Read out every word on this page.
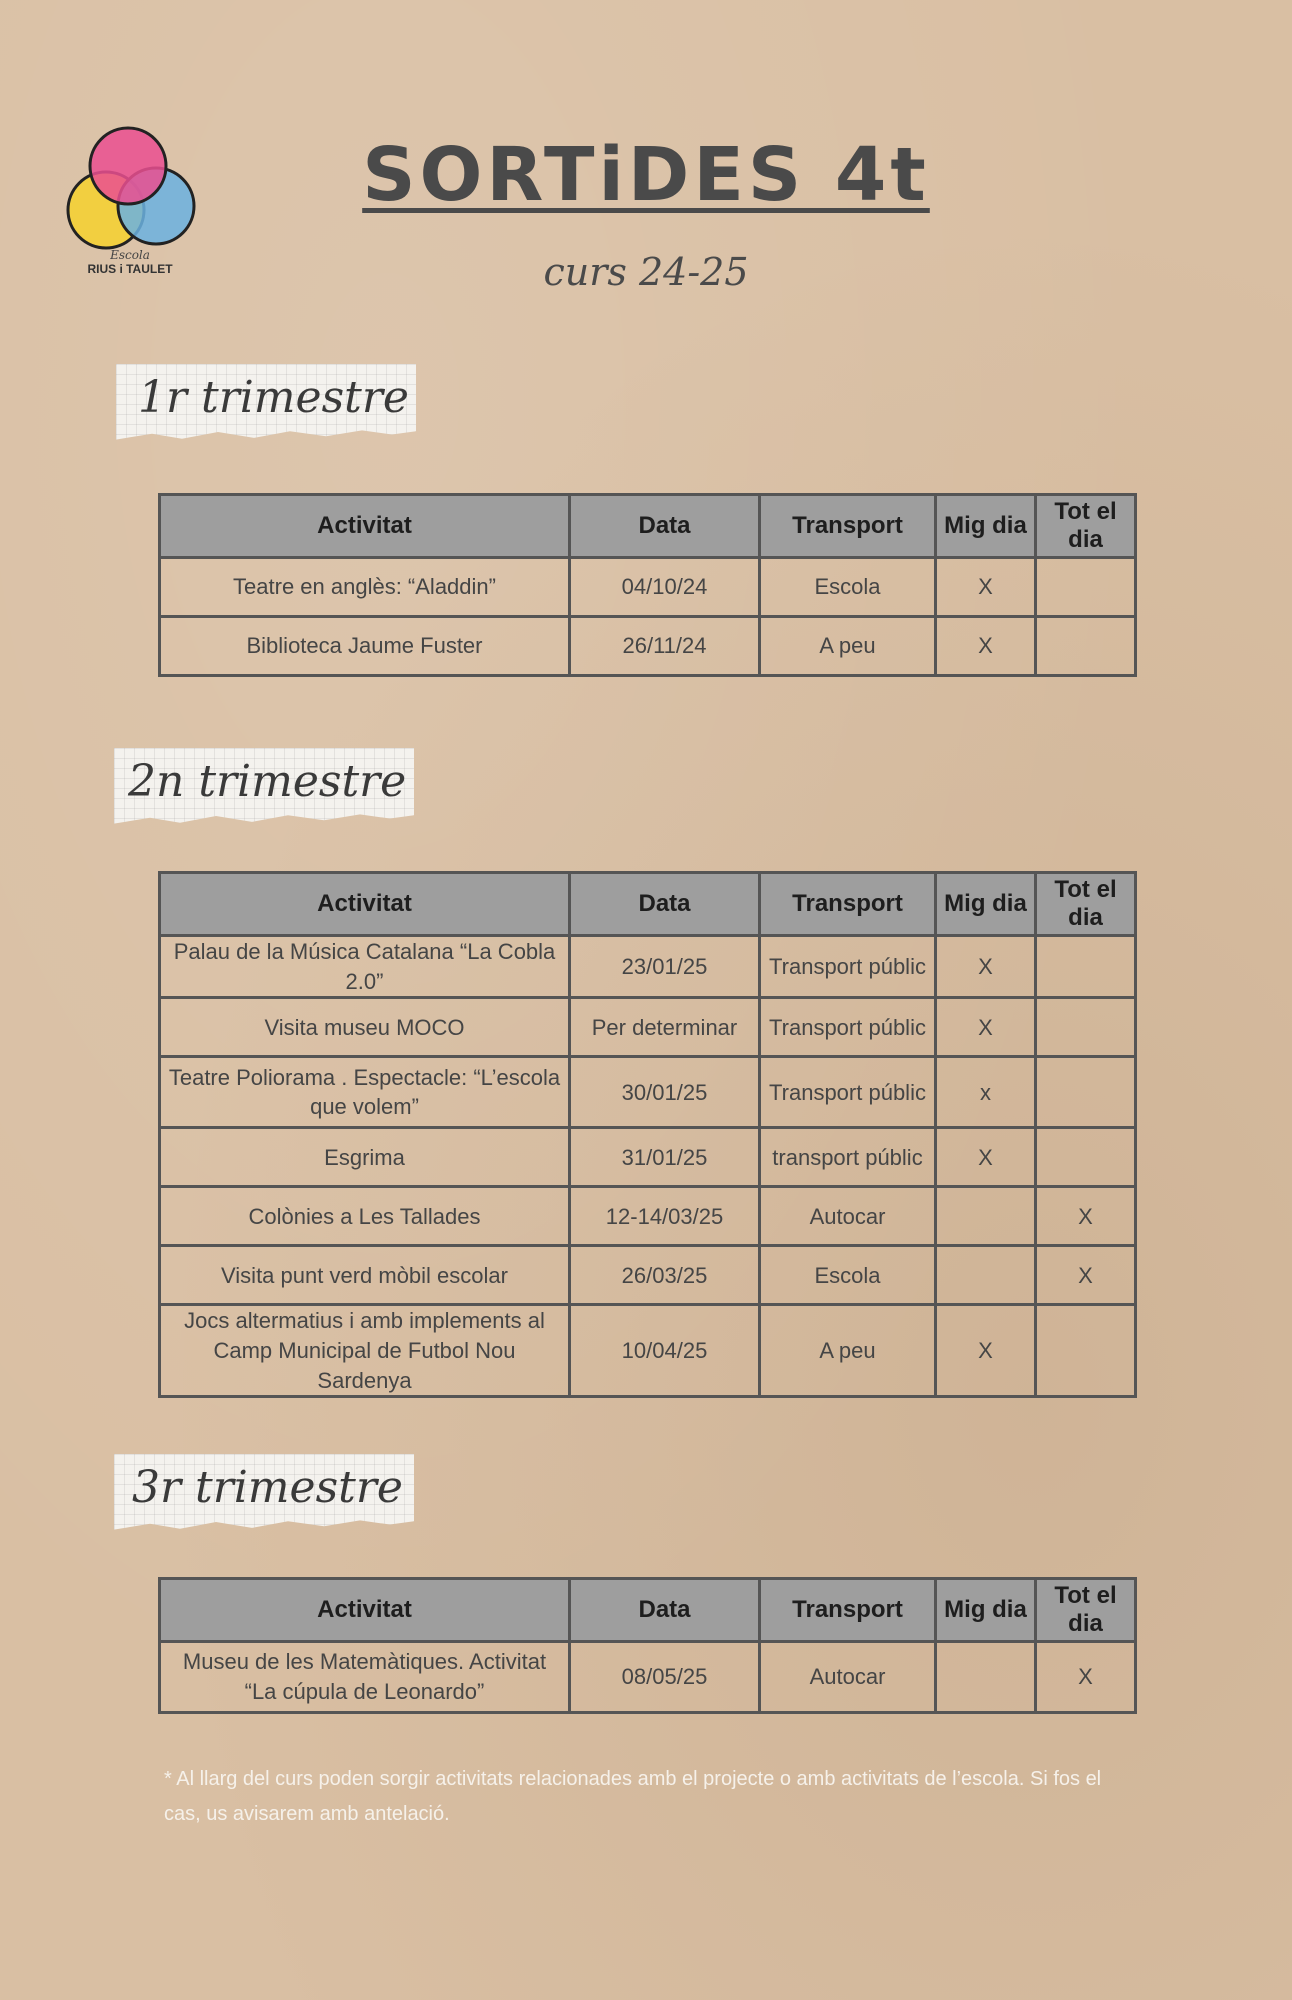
Escola
RIUS i TAULET
SORTiDES 4t
curs 24-25
1r trimestre
Activitat	Data	Transport	Mig dia	Tot el dia
Teatre en anglès: “Aladdin”	04/10/24	Escola	X	
Biblioteca Jaume Fuster	26/11/24	A peu	X	
2n trimestre
Activitat	Data	Transport	Mig dia	Tot el dia
Palau de la Música Catalana “La Cobla 2.0”	23/01/25	Transport públic	X	
Visita museu MOCO	Per determinar	Transport públic	X	
Teatre Poliorama . Espectacle: “L’escola que volem”	30/01/25	Transport públic	x	
Esgrima	31/01/25	transport públic	X	
Colònies a Les Tallades	12-14/03/25	Autocar		X
Visita punt verd mòbil escolar	26/03/25	Escola		X
Jocs altermatius i amb implements al Camp Municipal de Futbol Nou Sardenya	10/04/25	A peu	X	
3r trimestre
Activitat	Data	Transport	Mig dia	Tot el dia
Museu de les Matemàtiques. Activitat “La cúpula de Leonardo”	08/05/25	Autocar		X
* Al llarg del curs poden sorgir activitats relacionades amb el projecte o amb activitats de l’escola. Si fos el cas, us avisarem amb antelació.
